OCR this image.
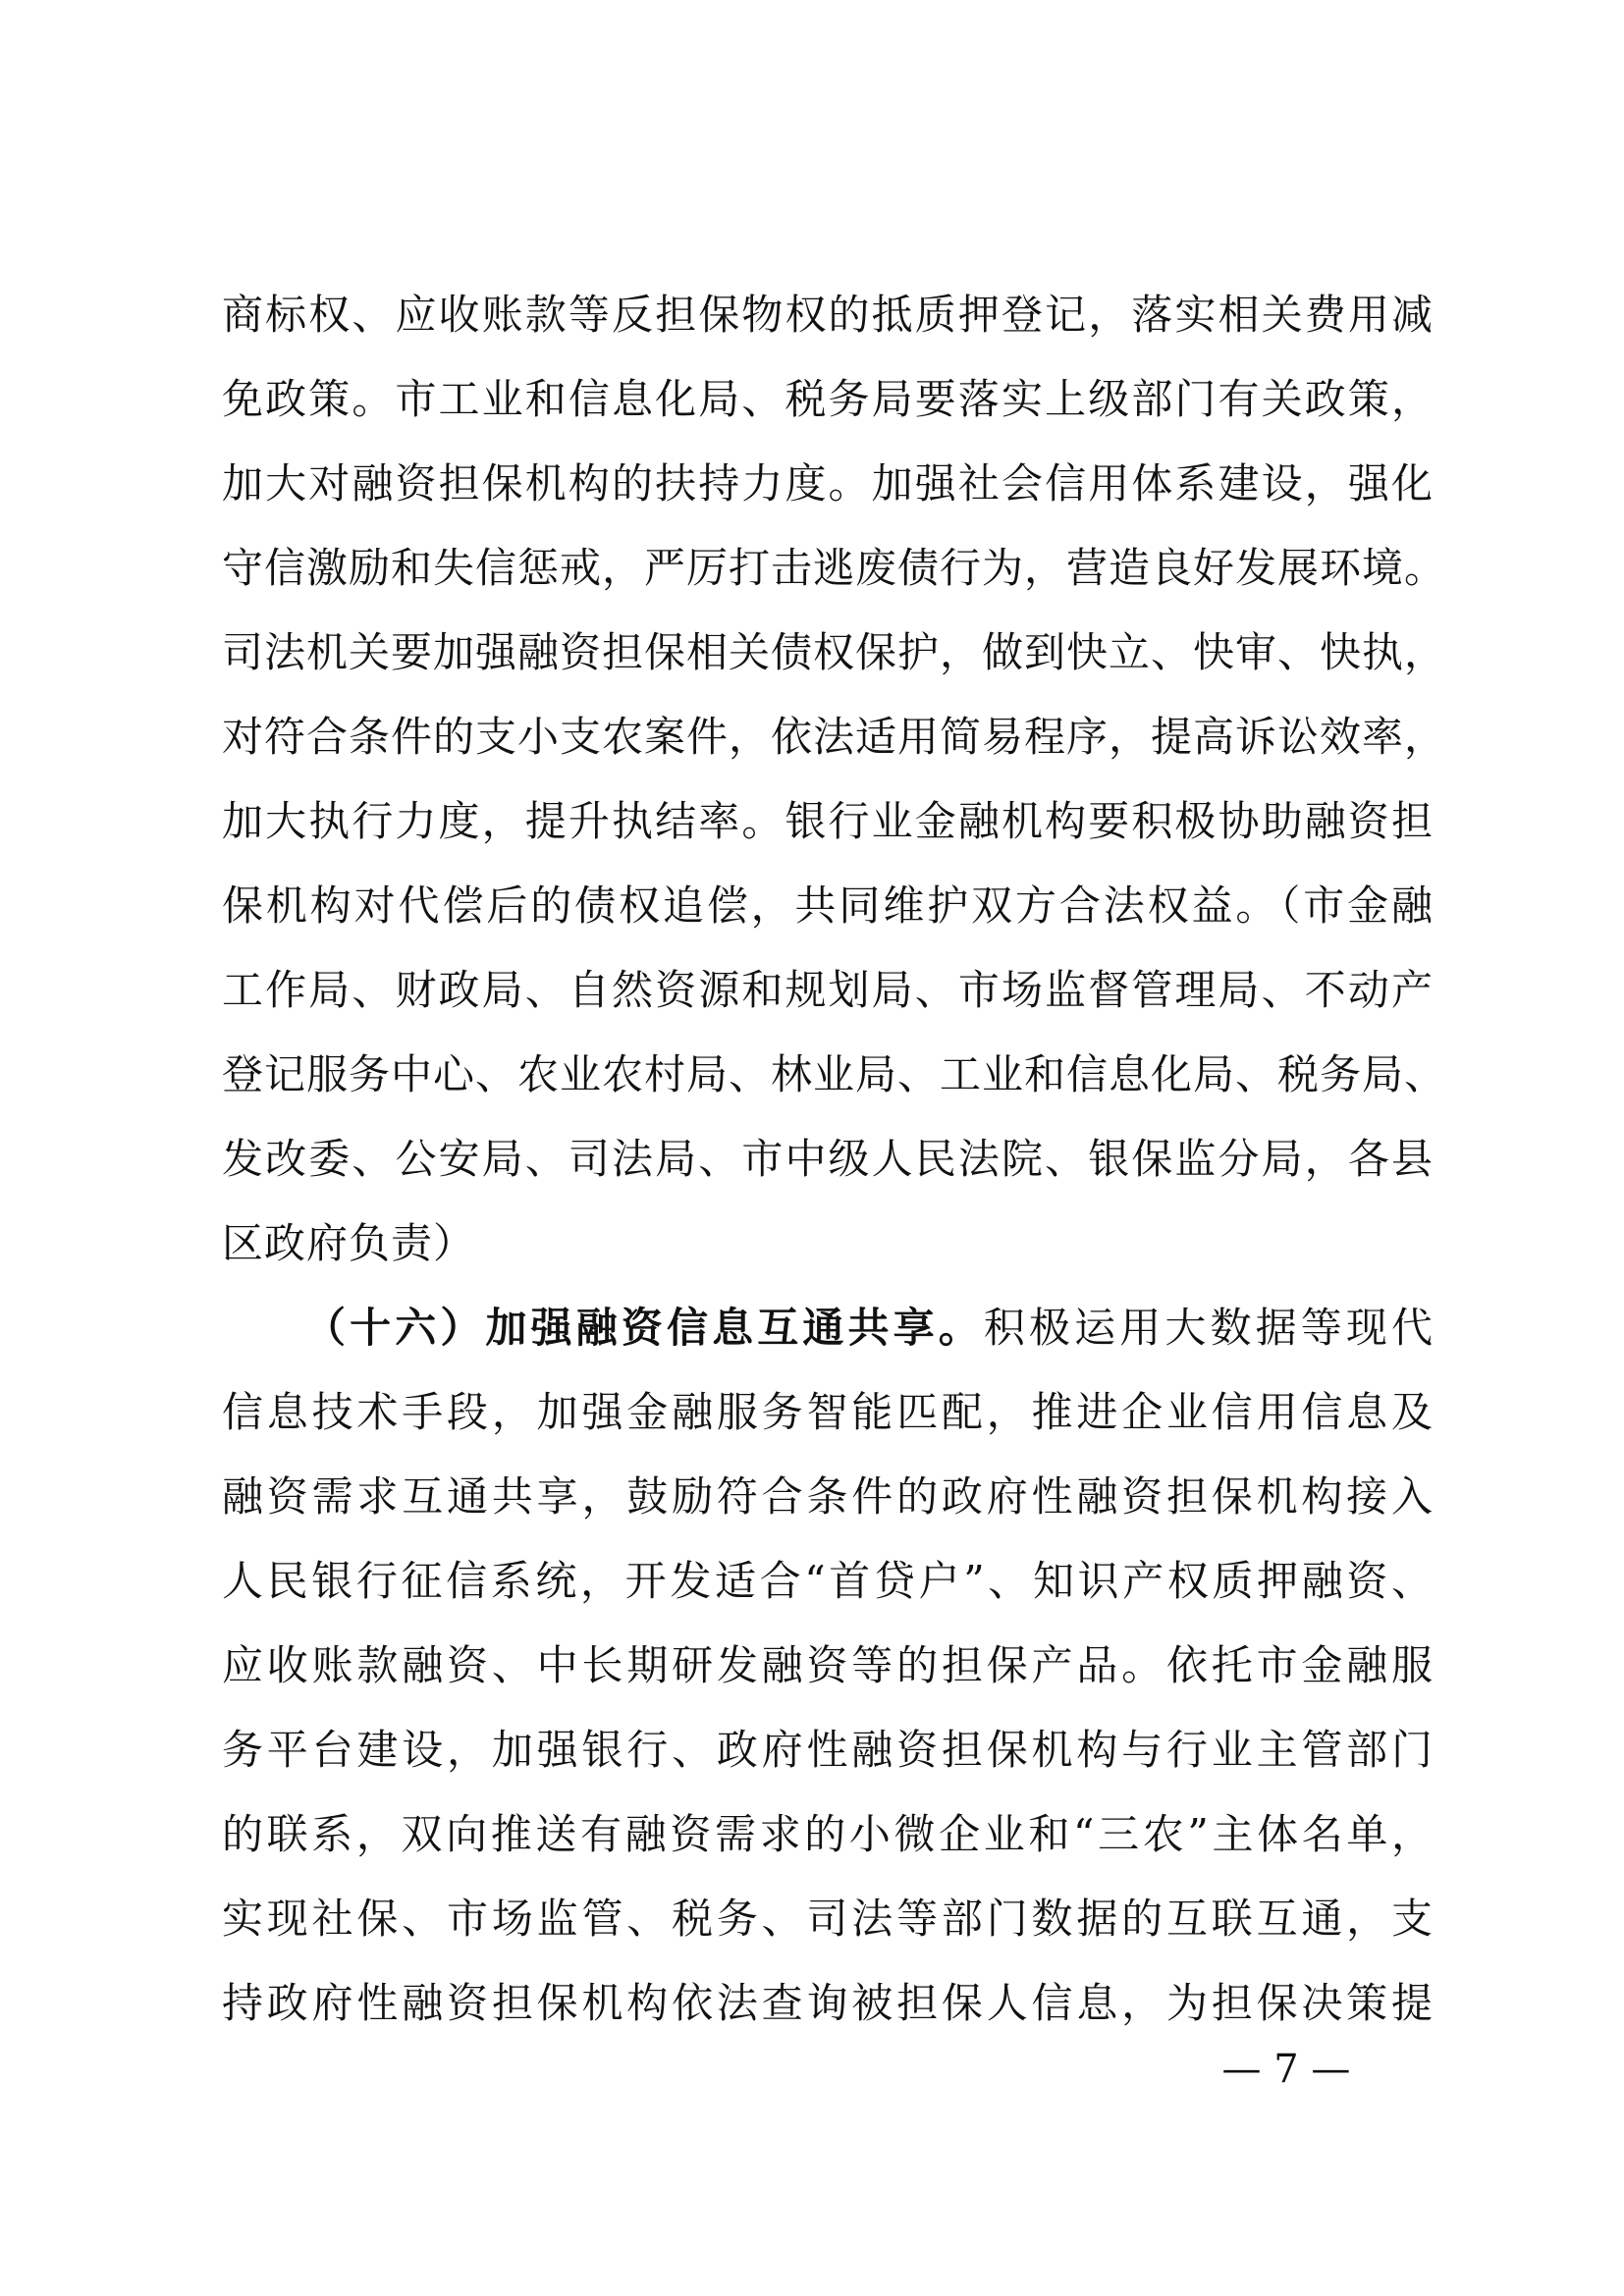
商标权、应收账款等反担保物权的抵质押登记，落实相关费用减
免政策。市工业和信息化局、税务局要落实上级部门有关政策，
加大对融资担保机构的扶持力度。加强社会信用体系建设，强化
守信激励和失信惩戒，严厉打击逃废债行为，营造良好发展环境。
司法机关要加强融资担保相关债权保护，做到快立、快审、快执，
对符合条件的支小支农案件，依法适用简易程序，提高诉讼效率，
加大执行力度，提升执结率。银行业金融机构要积极协助融资担
保机构对代偿后的债权追偿，共同维护双方合法权益。（市金融
工作局、财政局、自然资源和规划局、市场监督管理局、不动产
登记服务中心、农业农村局、林业局、工业和信息化局、税务局、
发改委、公安局、司法局、市中级人民法院、银保监分局，各县
区政府负责）
（十六）加强融资信息互通共享。积极运用大数据等现代
信息技术手段，加强金融服务智能匹配，推进企业信用信息及
融资需求互通共享，鼓励符合条件的政府性融资担保机构接入
人民银行征信系统，开发适合“首贷户”、知识产权质押融资、
应收账款融资、中长期研发融资等的担保产品。依托市金融服
务平台建设，加强银行、政府性融资担保机构与行业主管部门
的联系，双向推送有融资需求的小微企业和“三农”主体名单，
实现社保、市场监管、税务、司法等部门数据的互联互通，支
持政府性融资担保机构依法查询被担保人信息，为担保决策提
— 7 —
